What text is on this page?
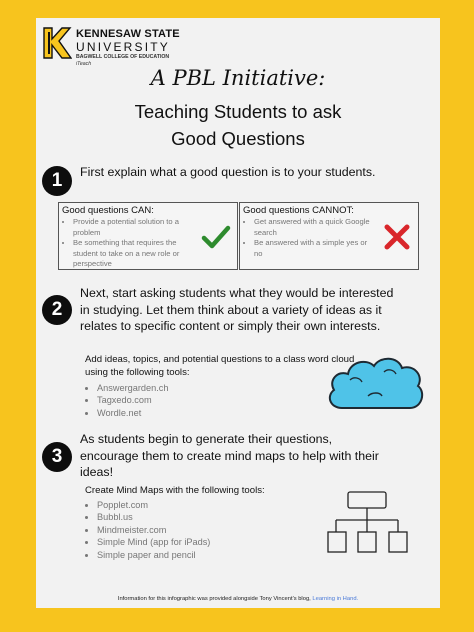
KENNESAW STATE
UNIVERSITY
BAGWELL COLLEGE OF EDUCATION
iTeach
A PBL Initiative:
Teaching Students to ask
Good Questions
1	First explain what a good question is to your students.
Good questions CAN:
• Provide a potential solution to a problem
• Be something that requires the student to take on a new role or perspective
Good questions CANNOT:
• Get answered with a quick Google search
• Be answered with a simple yes or no
2
Next, start asking students what they would be interested in studying. Let them think about a variety of ideas as it relates to specific content or simply their own interests.
Add ideas, topics, and potential questions to a class word cloud using the following tools:
• Answergarden.ch
• Tagxedo.com
• Wordle.net
3
As students begin to generate their questions, encourage them to create mind maps to help with their ideas!
Create Mind Maps with the following tools:
• Popplet.com
• Bubbl.us
• Mindmeister.com
• Simple Mind (app for iPads)
• Simple paper and pencil
Information for this infographic was provided alongside Tony Vincent's blog, Learning in Hand.
